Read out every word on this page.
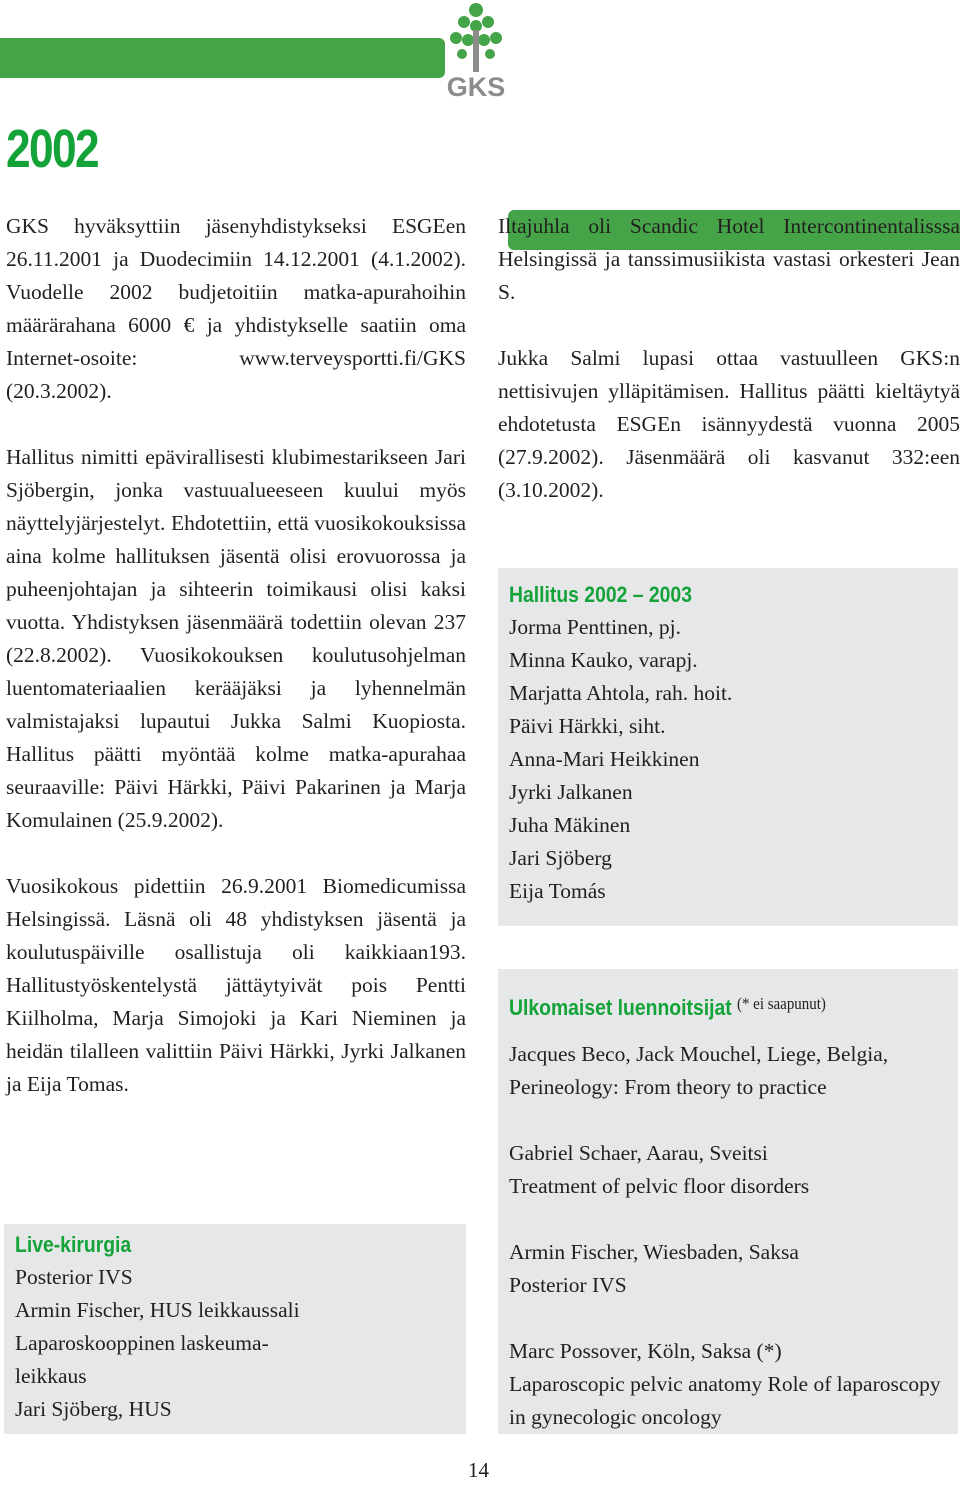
GKS
2002

GKS hyväksyttiin jäsenyhdistykseksi ESGEen 26.11.2001 ja Duodecimiin 14.12.2001 (4.1.2002). Vuodelle 2002 budjetoitiin matka-apurahoihin määrärahana 6000 € ja yhdistykselle saatiin oma Internet-osoite: www.terveysportti.fi/GKS (20.3.2002).

Hallitus nimitti epävirallisesti klubimestarikseen Jari Sjöbergin, jonka vastuualueeseen kuului myös näyttelyjärjestelyt. Ehdotettiin, että vuosikokouksissa aina kolme hallituksen jäsentä olisi erovuorossa ja puheenjohtajan ja sihteerin toimikausi olisi kaksi vuotta. Yhdistyksen jäsenmäärä todettiin olevan 237 (22.8.2002). Vuosikokouksen koulutusohjelman luentomateriaalien kerääjäksi ja lyhennelmän valmistajaksi lupautui Jukka Salmi Kuopiosta. Hallitus päätti myöntää kolme matka-apurahaa seuraaville: Päivi Härkki, Päivi Pakarinen ja Marja Komulainen (25.9.2002).

Vuosikokous pidettiin 26.9.2001 Biomedicumissa Helsingissä. Läsnä oli 48 yhdistyksen jäsentä ja koulutuspäiville osallistuja oli kaikkiaan193. Hallitustyöskentelystä jättäytyivät pois Pentti Kiilholma, Marja Simojoki ja Kari Nieminen ja heidän tilalleen valittiin Päivi Härkki, Jyrki Jalkanen ja Eija Tomas.

Iltajuhla oli Scandic Hotel Intercontinentalisssa Helsingissä ja tanssimusiikista vastasi orkesteri Jean S.

Jukka Salmi lupasi ottaa vastuulleen GKS:n nettisivujen ylläpitämisen. Hallitus päätti kieltäytyä ehdotetusta ESGEn isännyydestä vuonna 2005 (27.9.2002). Jäsenmäärä oli kasvanut 332:een (3.10.2002).

Hallitus 2002 – 2003
Jorma Penttinen, pj.
Minna Kauko, varapj.
Marjatta Ahtola, rah. hoit.
Päivi Härkki, siht.
Anna-Mari Heikkinen
Jyrki Jalkanen
Juha Mäkinen
Jari Sjöberg
Eija Tomás
Live-kirurgia
Posterior IVS
Armin Fischer, HUS leikkaussali
Laparoskooppinen laskeuma-
leikkaus
Jari Sjöberg, HUS
Ulkomaiset luennoitsijat $^{(* ei saapunut)}$
Jacques Beco, Jack Mouchel, Liege, Belgia,
Perineology: From theory to practice
Gabriel Schaer, Aarau, Sveitsi
Treatment of pelvic floor disorders
Armin Fischer, Wiesbaden, Saksa
Posterior IVS
Marc Possover, Köln, Saksa (*)
Laparoscopic pelvic anatomy Role of laparoscopy in gynecologic oncology
14
